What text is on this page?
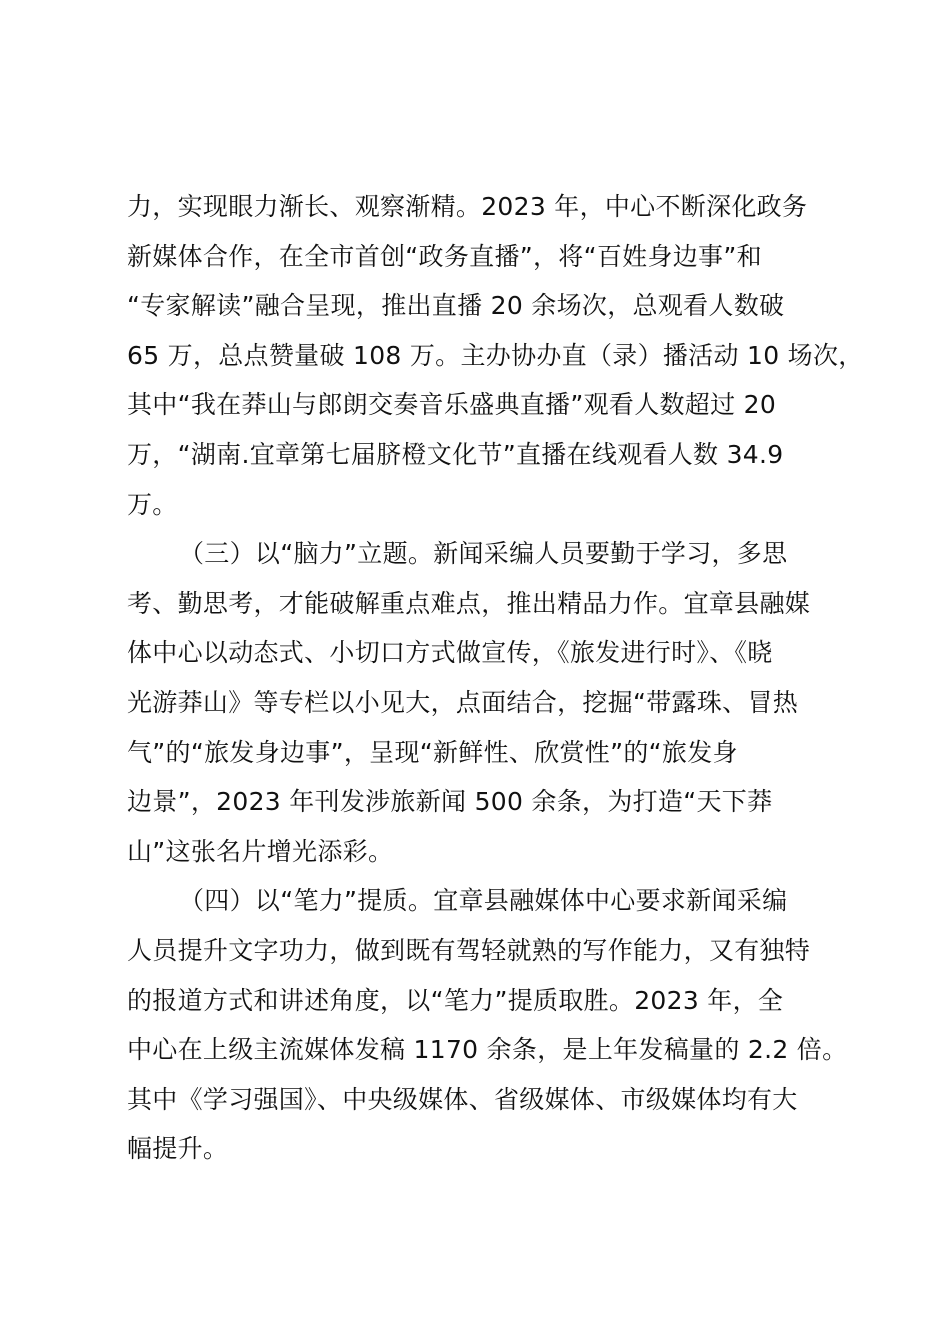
力，实现眼力渐长、观察渐精。2023 年，中心不断深化政务
新媒体合作，在全市首创“政务直播”，将“百姓身边事”和
“专家解读”融合呈现，推出直播 20 余场次，总观看人数破
65 万，总点赞量破 108 万。主办协办直（录）播活动 10 场次，
其中“我在莽山与郎朗交奏音乐盛典直播”观看人数超过 20
万，“湖南.宜章第七届脐橙文化节”直播在线观看人数 34.9
万。
（三）以“脑力”立题。新闻采编人员要勤于学习，多思
考、勤思考，才能破解重点难点，推出精品力作。宜章县融媒
体中心以动态式、小切口方式做宣传，《旅发进行时》、《晓
光游莽山》等专栏以小见大，点面结合，挖掘“带露珠、冒热
气”的“旅发身边事”，呈现“新鲜性、欣赏性”的“旅发身
边景”，2023 年刊发涉旅新闻 500 余条，为打造“天下莽
山”这张名片增光添彩。
（四）以“笔力”提质。宜章县融媒体中心要求新闻采编
人员提升文字功力，做到既有驾轻就熟的写作能力，又有独特
的报道方式和讲述角度，以“笔力”提质取胜。2023 年，全
中心在上级主流媒体发稿 1170 余条，是上年发稿量的 2.2 倍。
其中《学习强国》、中央级媒体、省级媒体、市级媒体均有大
幅提升。
